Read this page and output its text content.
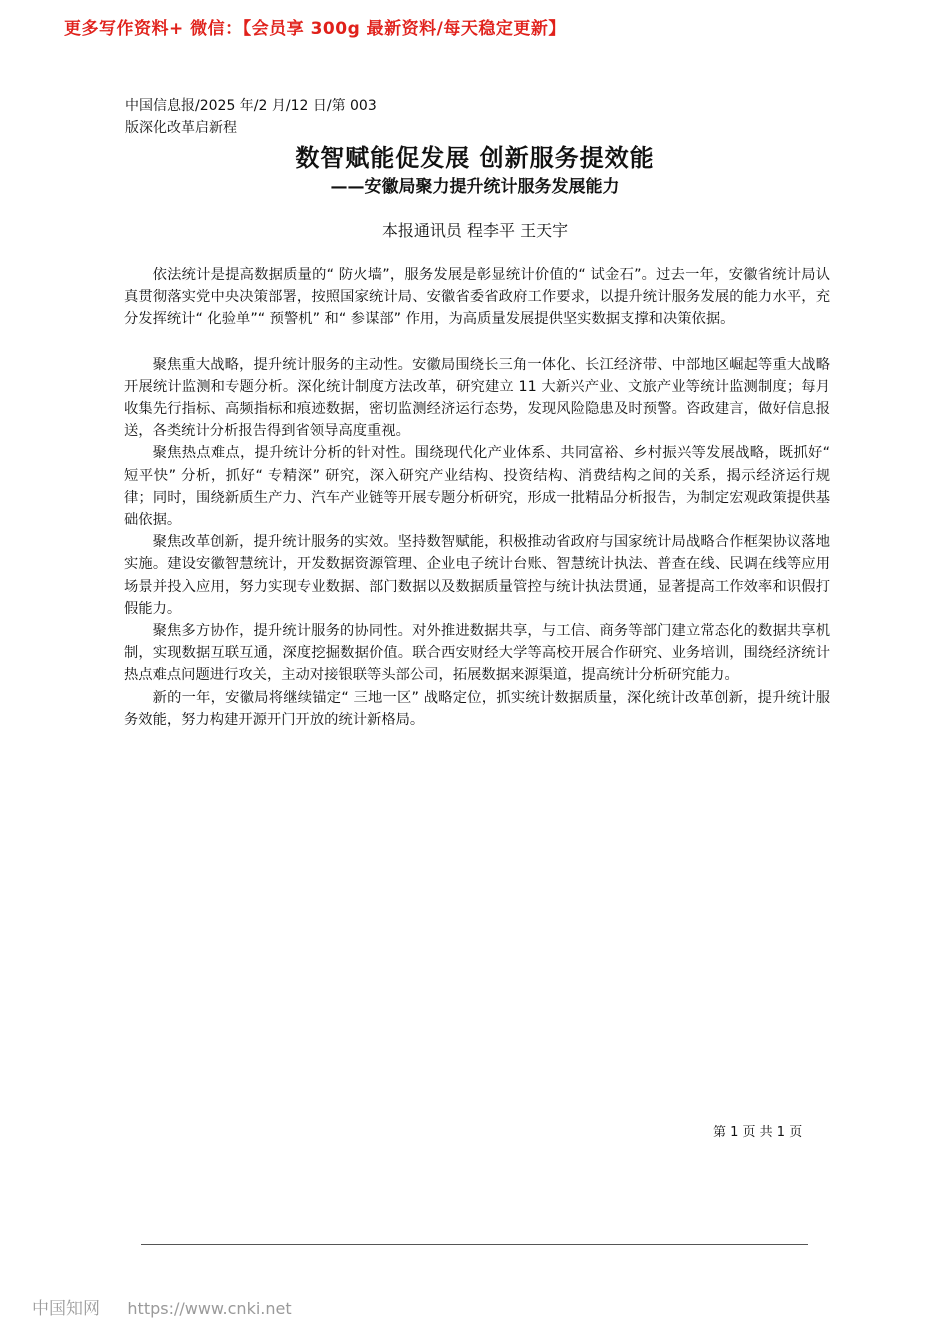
更多写作资料+ 微信：【会员享 300g 最新资料/每天稳定更新】
中国信息报/2025 年/2 月/12 日/第 003
版深化改革启新程
数智赋能促发展 创新服务提效能
——安徽局聚力提升统计服务发展能力
本报通讯员 程李平 王天宇

依法统计是提高数据质量的“ 防火墙”，服务发展是彰显统计价值的“ 试金石”。过去一年，安徽省统计局认真贯彻落实党中央决策部署，按照国家统计局、安徽省委省政府工作要求，以提升统计服务发展的能力水平，充分发挥统计“ 化验单”“ 预警机” 和“ 参谋部” 作用，为高质量发展提供坚实数据支撑和决策依据。

聚焦重大战略，提升统计服务的主动性。安徽局围绕长三角一体化、长江经济带、中部地区崛起等重大战略开展统计监测和专题分析。深化统计制度方法改革，研究建立 11 大新兴产业、文旅产业等统计监测制度；每月收集先行指标、高频指标和痕迹数据，密切监测经济运行态势，发现风险隐患及时预警。咨政建言，做好信息报送，各类统计分析报告得到省领导高度重视。

聚焦热点难点，提升统计分析的针对性。围绕现代化产业体系、共同富裕、乡村振兴等发展战略，既抓好“ 短平快” 分析，抓好“ 专精深” 研究，深入研究产业结构、投资结构、消费结构之间的关系，揭示经济运行规律；同时，围绕新质生产力、汽车产业链等开展专题分析研究，形成一批精品分析报告，为制定宏观政策提供基础依据。

聚焦改革创新，提升统计服务的实效。坚持数智赋能，积极推动省政府与国家统计局战略合作框架协议落地实施。建设安徽智慧统计，开发数据资源管理、企业电子统计台账、智慧统计执法、普查在线、民调在线等应用场景并投入应用，努力实现专业数据、部门数据以及数据质量管控与统计执法贯通，显著提高工作效率和识假打假能力。

聚焦多方协作，提升统计服务的协同性。对外推进数据共享，与工信、商务等部门建立常态化的数据共享机制，实现数据互联互通，深度挖掘数据价值。联合西安财经大学等高校开展合作研究、业务培训，围绕经济统计热点难点问题进行攻关，主动对接银联等头部公司，拓展数据来源渠道，提高统计分析研究能力。

新的一年，安徽局将继续锚定“ 三地一区” 战略定位，抓实统计数据质量，深化统计改革创新，提升统计服务效能，努力构建开源开门开放的统计新格局。

第 1 页 共 1 页
中国知网 https://www.cnki.net
